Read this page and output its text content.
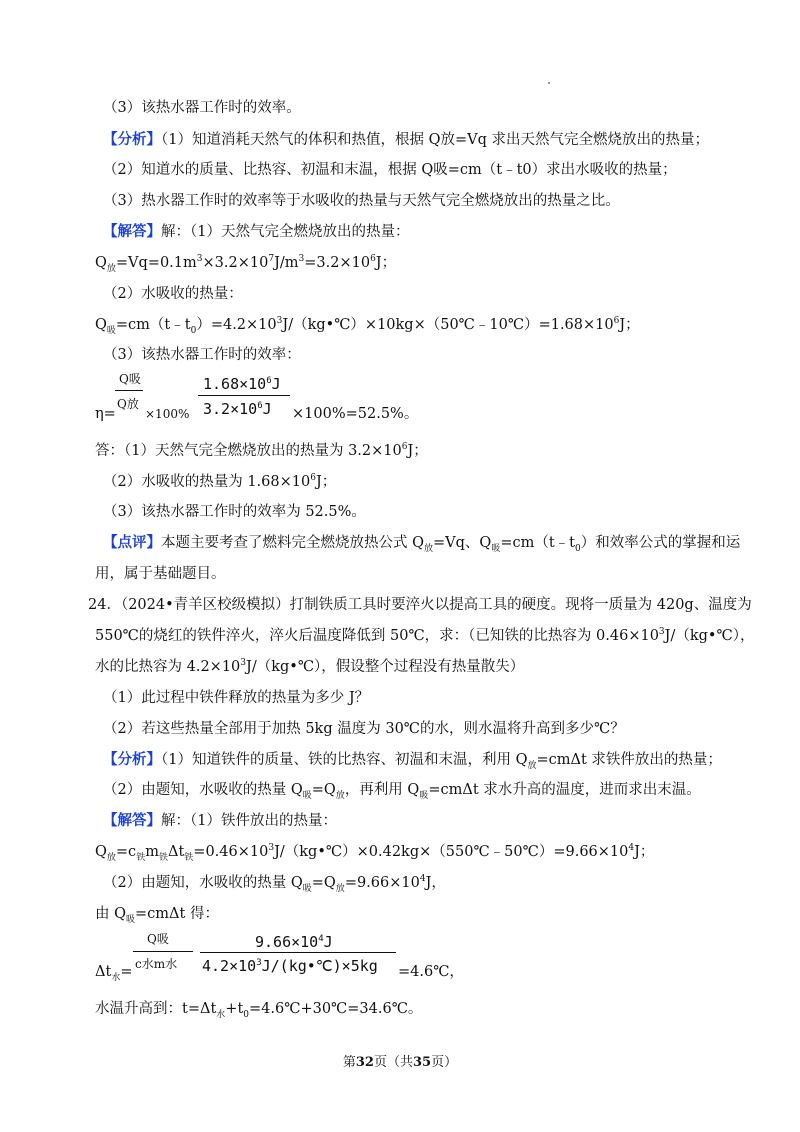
（3）该热水器工作时的效率。
【分析】（1）知道消耗天然气的体积和热值，根据 Q放=Vq 求出天然气完全燃烧放出的热量；
（2）知道水的质量、比热容、初温和末温，根据 Q吸=cm（t﹣t0）求出水吸收的热量；
（3）热水器工作时的效率等于水吸收的热量与天然气完全燃烧放出的热量之比。
【解答】解：（1）天然气完全燃烧放出的热量：
$Q_放=Vq=0.1m^3\times 3.2\times 10^7J/m^3=3.2\times 10^6J$；
（2）水吸收的热量：
$Q_吸=cm(t﹣t_0)=4.2\times 10^3J/(kg•℃)\times 10kg\times(50℃﹣10℃)=1.68\times 10^6J$；
（3）该热水器工作时的效率：
Q吸
Q放
η= ×100%
$1.68\times 10^6J$
$3.2\times 10^6J \times 100\%=52.5\%$。
答：（1）天然气完全燃烧放出的热量为 $3.2\times 10^6J$；
（2）水吸收的热量为 $1.68\times 10^6J$；
（3）该热水器工作时的效率为 52.5%。
【点评】本题主要考查了燃料完全燃烧放热公式 $Q_放=Vq$、$Q_吸=cm(t﹣t_0)$和效率公式的掌握和运
用，属于基础题目。
24．（2024•青羊区校级模拟）打制铁质工具时要淬火以提高工具的硬度。现将一质量为 420g、温度为
550℃的烧红的铁件淬火，淬火后温度降低到 50℃，求：（已知铁的比热容为 $0.46\times 10^3J/(kg•℃)$，
水的比热容为 $4.2\times 10^3J/(kg•℃)$，假设整个过程没有热量散失）
（1）此过程中铁件释放的热量为多少 J？
（2）若这些热量全部用于加热 5kg 温度为 30℃的水，则水温将升高到多少℃？
【分析】（1）知道铁件的质量、铁的比热容、初温和末温，利用 $Q_放=cm\Delta t$ 求铁件放出的热量；
（2）由题知，水吸收的热量 $Q_吸=Q_放$，再利用 $Q_吸=cm\Delta t$ 求水升高的温度，进而求出末温。
【解答】解：（1）铁件放出的热量：
$Q_放=c_铁m_铁\Delta t_铁=0.46\times 10^3J/(kg•℃)\times 0.42kg\times(550℃﹣50℃)=9.66\times 10^4J$；
（2）由题知，水吸收的热量 $Q_吸=Q_放=9.66\times 10^4J$，
由 $Q_吸=cm\Delta t$ 得：
Q吸
c水m水
$\Delta t_水=$
$9.66\times 10^4J$
$4.2\times 10^3J/(kg•℃)\times 5kg$ =4.6℃，
水温升高到：$t=\Delta t_水+t_0=4.6℃+30℃=34.6℃$。
第32页（共35页）
